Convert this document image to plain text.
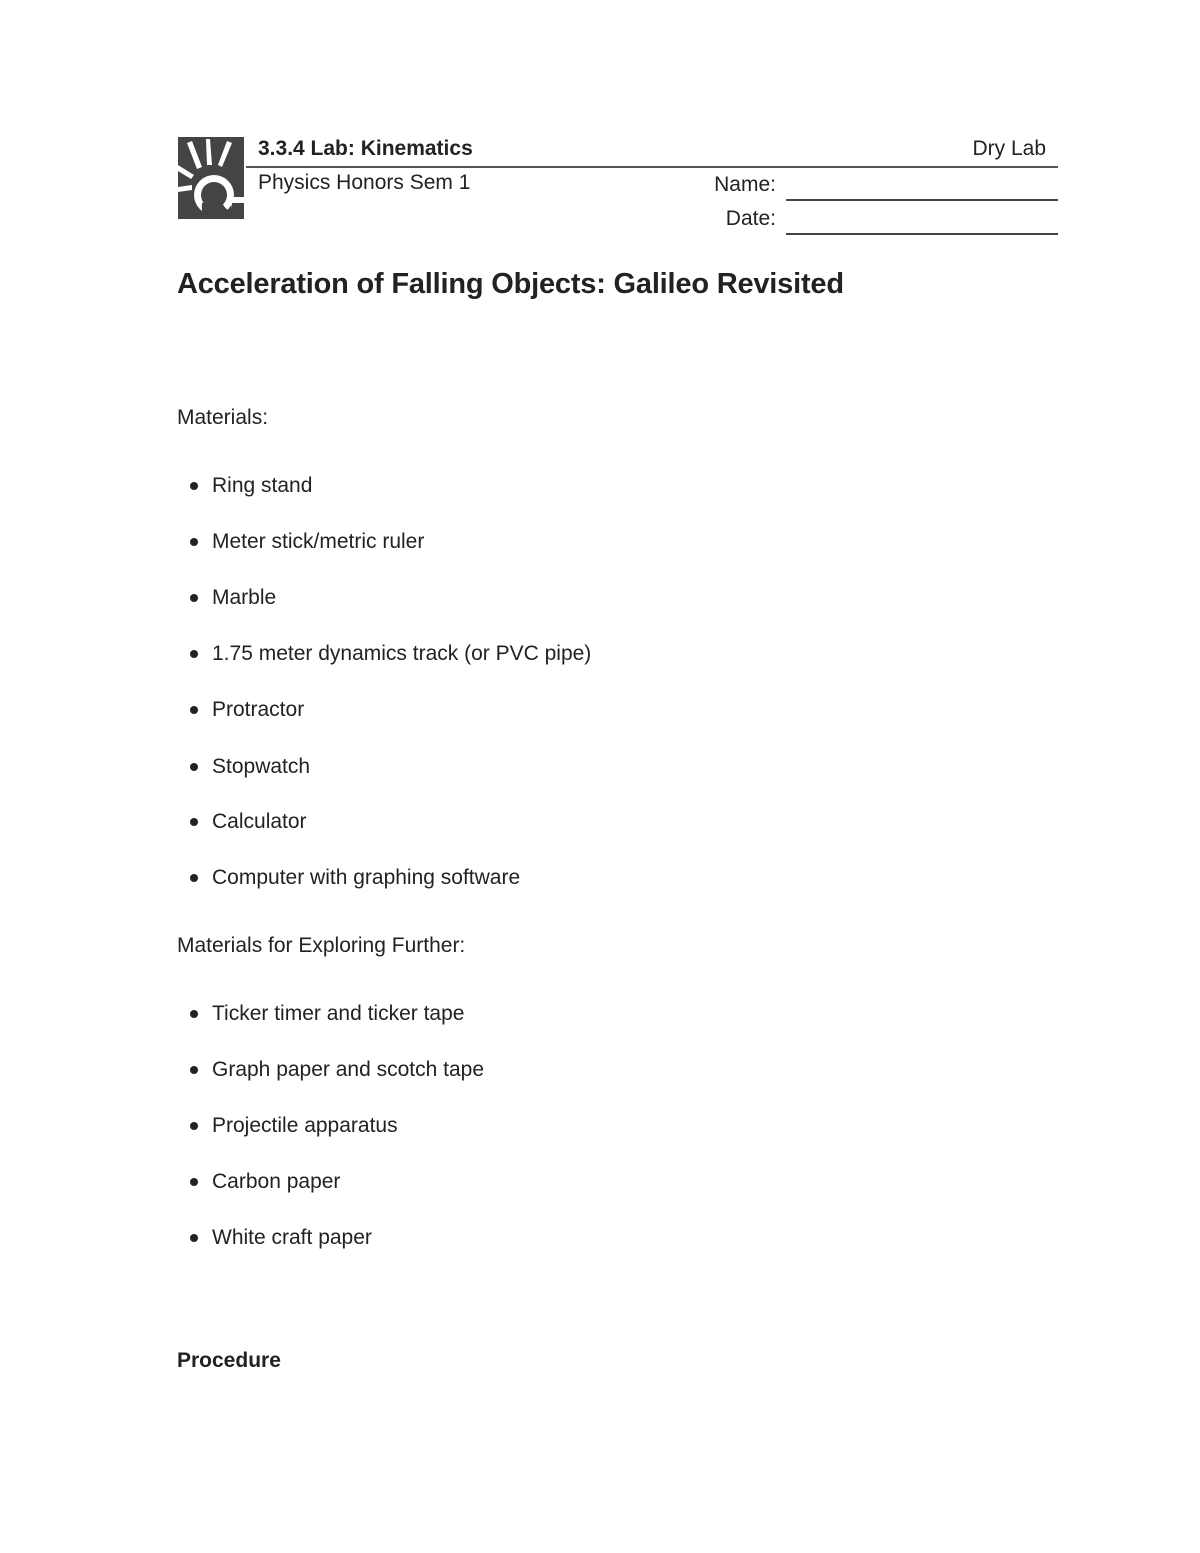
3.3.4 Lab: Kinematics	Dry Lab
Physics Honors Sem 1	Name:
Date:
Acceleration of Falling Objects: Galileo Revisited

Materials:

Ring stand
Meter stick/metric ruler
Marble
1.75 meter dynamics track (or PVC pipe)
Protractor
Stopwatch
Calculator
Computer with graphing software

Materials for Exploring Further:

Ticker timer and ticker tape
Graph paper and scotch tape
Projectile apparatus
Carbon paper
White craft paper

Procedure
